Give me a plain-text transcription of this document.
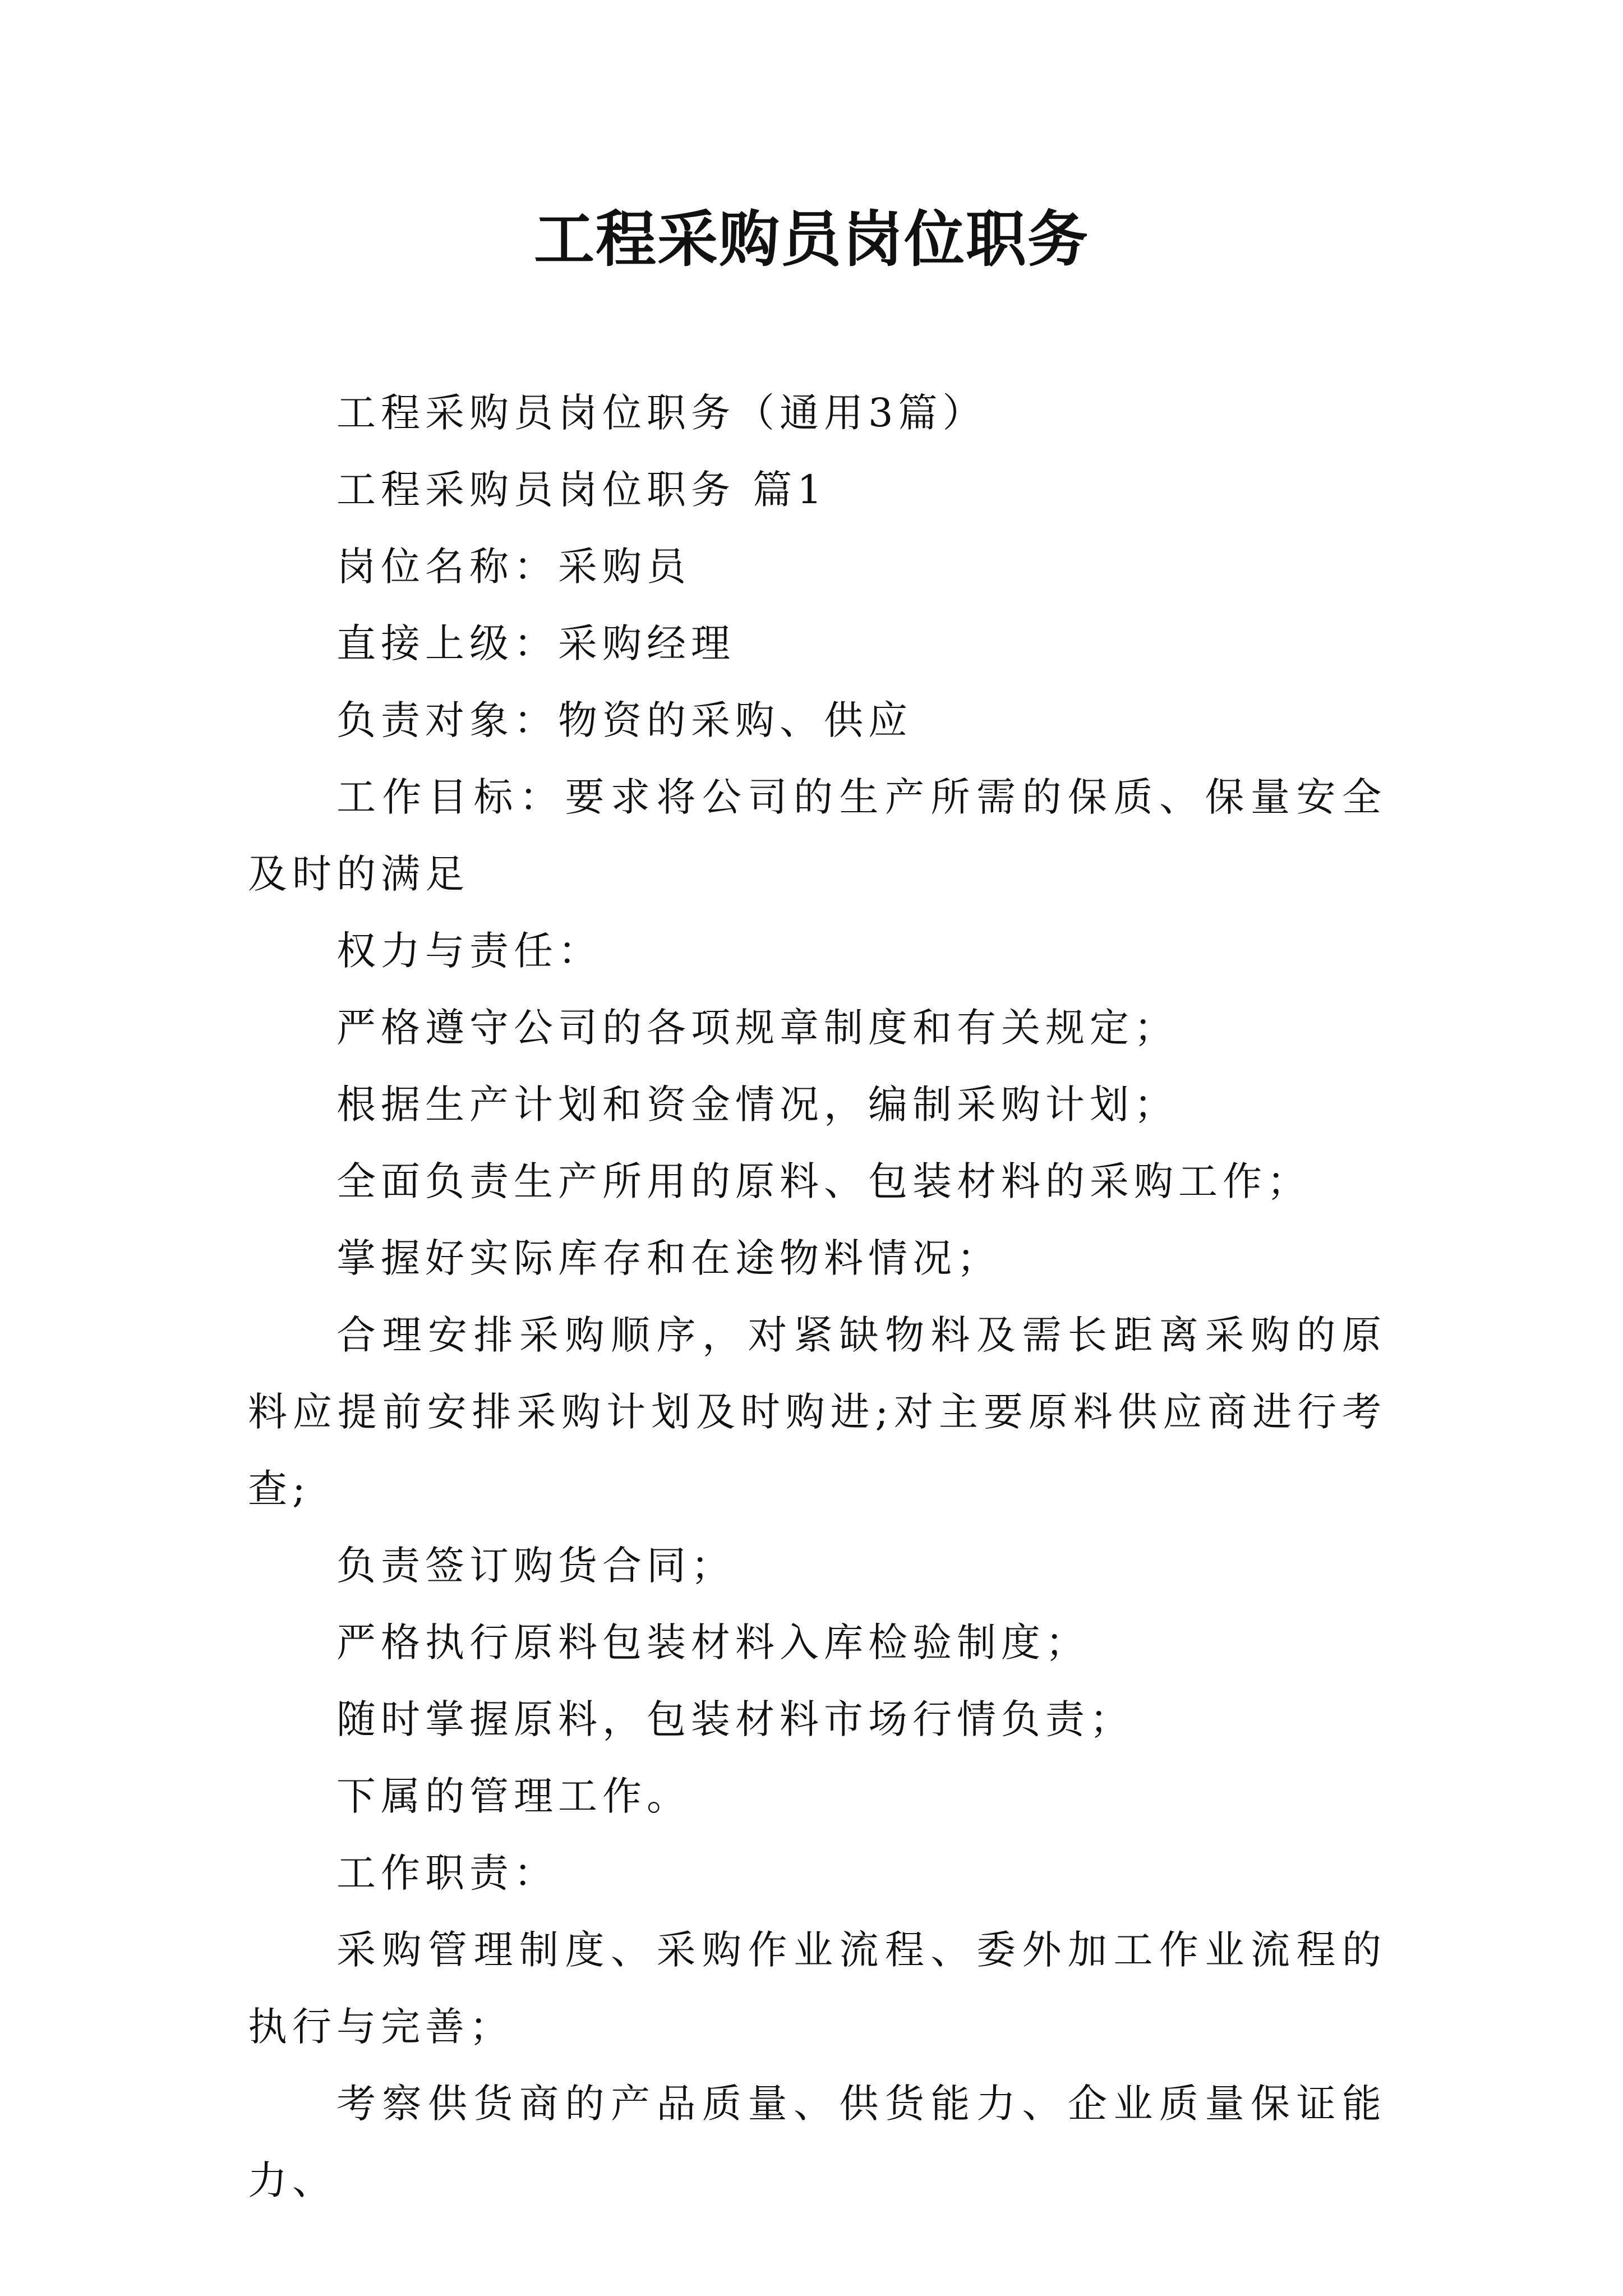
工程采购员岗位职务

工程采购员岗位职务（通用3篇）

工程采购员岗位职务 篇1

岗位名称：采购员

直接上级：采购经理

负责对象：物资的采购、供应

工作目标：要求将公司的生产所需的保质、保量安全及时的满足

权力与责任：

严格遵守公司的各项规章制度和有关规定；

根据生产计划和资金情况，编制采购计划；

全面负责生产所用的原料、包装材料的采购工作；

掌握好实际库存和在途物料情况；

合理安排采购顺序，对紧缺物料及需长距离采购的原料应提前安排采购计划及时购进;对主要原料供应商进行考查;

负责签订购货合同；

严格执行原料包装材料入库检验制度；

随时掌握原料，包装材料市场行情负责；

下属的管理工作。

工作职责：

采购管理制度、采购作业流程、委外加工作业流程的执行与完善；

考察供货商的产品质量、供货能力、企业质量保证能力、
